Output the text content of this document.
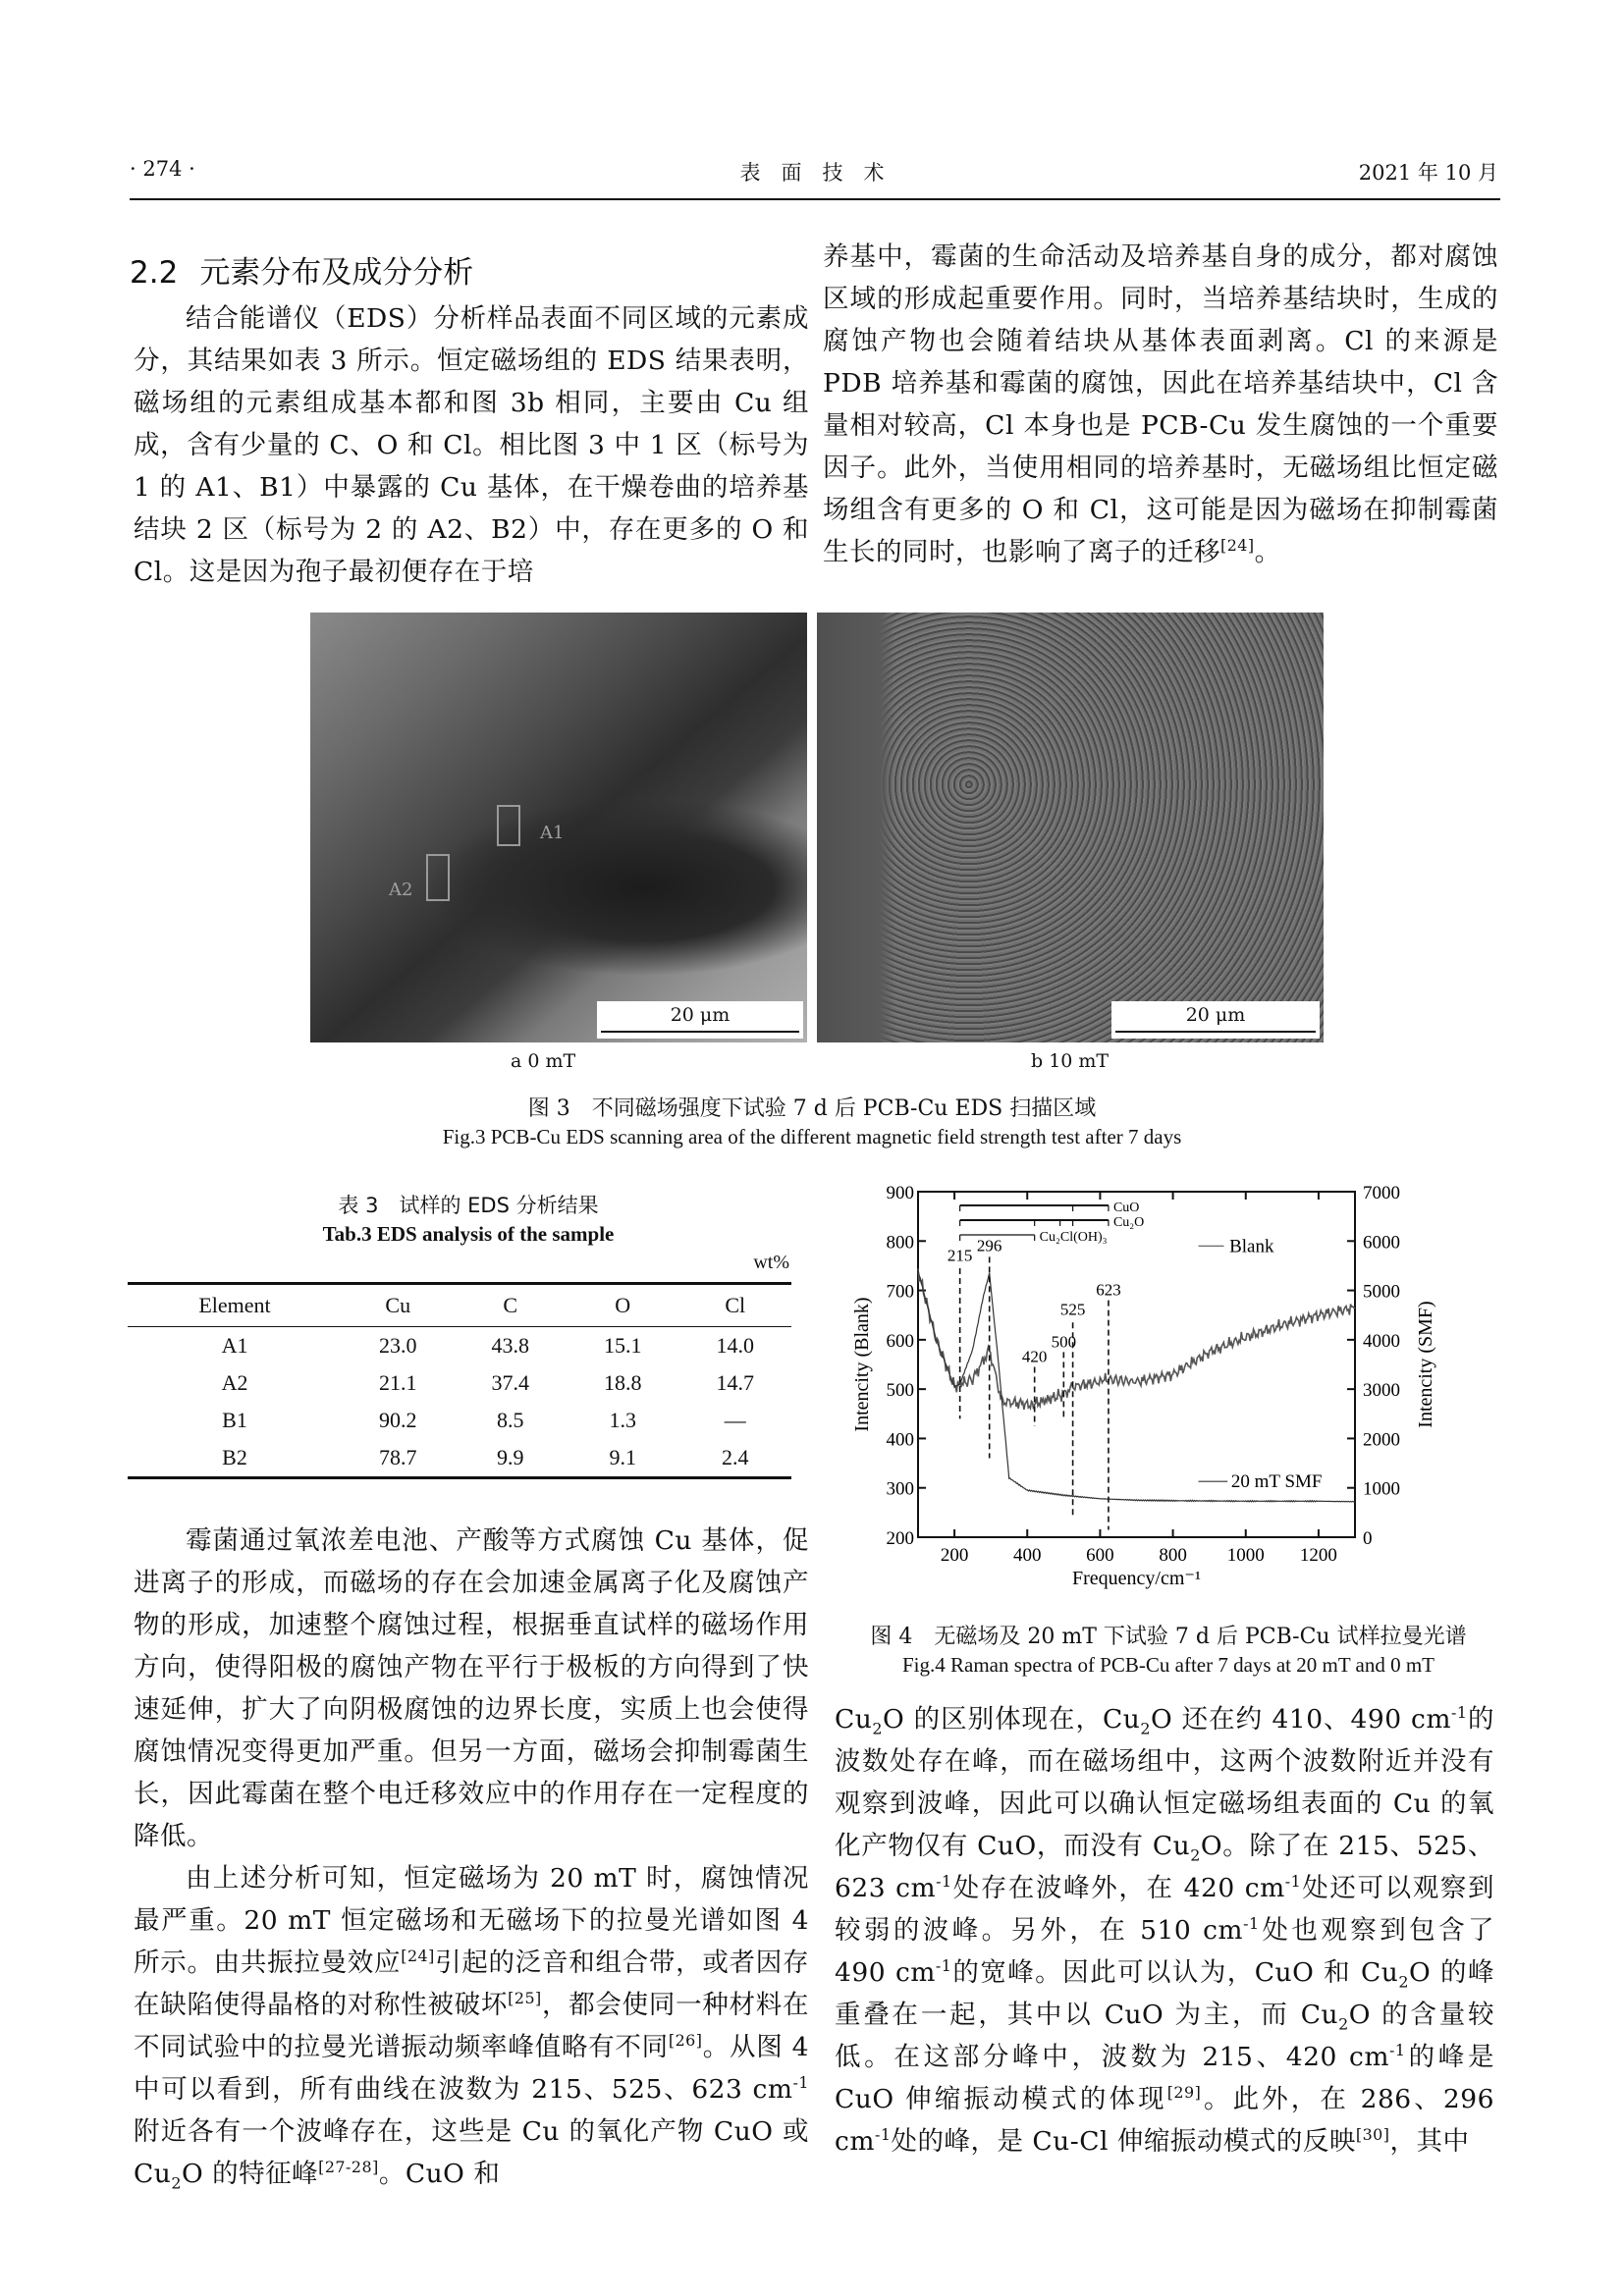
· 274 ·	表　面　技　术	2021 年 10 月
2.2 元素分布及成分分析

结合能谱仪（EDS）分析样品表面不同区域的元素成分，其结果如表 3 所示。恒定磁场组的 EDS 结果表明，磁场组的元素组成基本都和图 3b 相同，主要由 Cu 组成，含有少量的 C、O 和 Cl。相比图 3 中 1 区（标号为 1 的 A1、B1）中暴露的 Cu 基体，在干燥卷曲的培养基结块 2 区（标号为 2 的 A2、B2）中，存在更多的 O 和 Cl。这是因为孢子最初便存在于培

养基中，霉菌的生命活动及培养基自身的成分，都对腐蚀区域的形成起重要作用。同时，当培养基结块时，生成的腐蚀产物也会随着结块从基体表面剥离。Cl 的来源是 PDB 培养基和霉菌的腐蚀，因此在培养基结块中，Cl 含量相对较高，Cl 本身也是 PCB-Cu 发生腐蚀的一个重要因子。此外，当使用相同的培养基时，无磁场组比恒定磁场组含有更多的 O 和 Cl，这可能是因为磁场在抑制霉菌生长的同时，也影响了离子的迁移[24]。

A1
A2
20 μm	20 μm
a 0 mT	b 10 mT
图 3　不同磁场强度下试验 7 d 后 PCB-Cu EDS 扫描区域
Fig.3 PCB-Cu EDS scanning area of the different magnetic field strength test after 7 days
表 3　试样的 EDS 分析结果
Tab.3 EDS analysis of the sample
wt%
Element	Cu	C	O	Cl
A1	23.0	43.8	15.1	14.0
A2	21.1	37.4	18.8	14.7
B1	90.2	8.5	1.3	—
B2	78.7	9.9	9.1	2.4
200 400 600 800 1000 1200
200
300
400
500
600
700
800
900
0
1000
2000
3000
4000
5000
6000
7000
Frequency/cm⁻¹
Intencity (Blank)	Intencity (SMF)
215
296
420
500
525
623
CuO
Cu₂O
Cu₂Cl(OH)₃	Blank
20 mT SMF
图 4　无磁场及 20 mT 下试验 7 d 后 PCB-Cu 试样拉曼光谱
Fig.4 Raman spectra of PCB-Cu after 7 days at 20 mT and 0 mT

霉菌通过氧浓差电池、产酸等方式腐蚀 Cu 基体，促进离子的形成，而磁场的存在会加速金属离子化及腐蚀产物的形成，加速整个腐蚀过程，根据垂直试样的磁场作用方向，使得阳极的腐蚀产物在平行于极板的方向得到了快速延伸，扩大了向阴极腐蚀的边界长度，实质上也会使得腐蚀情况变得更加严重。但另一方面，磁场会抑制霉菌生长，因此霉菌在整个电迁移效应中的作用存在一定程度的降低。

由上述分析可知，恒定磁场为 20 mT 时，腐蚀情况最严重。20 mT 恒定磁场和无磁场下的拉曼光谱如图 4 所示。由共振拉曼效应[24]引起的泛音和组合带，或者因存在缺陷使得晶格的对称性被破坏[25]，都会使同一种材料在不同试验中的拉曼光谱振动频率峰值略有不同[26]。从图 4 中可以看到，所有曲线在波数为 215、525、623 $cm^{-1}$附近各有一个波峰存在，这些是 Cu 的氧化产物 CuO 或 $Cu_2O$ 的特征峰[27-28]。CuO 和

$Cu_2O$ 的区别体现在，$Cu_2O$ 还在约 410、490 $cm^{-1}$的波数处存在峰，而在磁场组中，这两个波数附近并没有观察到波峰，因此可以确认恒定磁场组表面的 Cu 的氧化产物仅有 CuO，而没有 $Cu_2O$。除了在 215、525、623 $cm^{-1}$处存在波峰外，在 420 $cm^{-1}$处还可以观察到较弱的波峰。另外，在 510 $cm^{-1}$处也观察到包含了 490 $cm^{-1}$的宽峰。因此可以认为，CuO 和 $Cu_2O$ 的峰重叠在一起，其中以 CuO 为主，而 $Cu_2O$ 的含量较低。在这部分峰中，波数为 215、420 $cm^{-1}$的峰是 CuO 伸缩振动模式的体现[29]。此外，在 286、296 $cm^{-1}$处的峰，是 Cu-Cl 伸缩振动模式的反映[30]，其中
